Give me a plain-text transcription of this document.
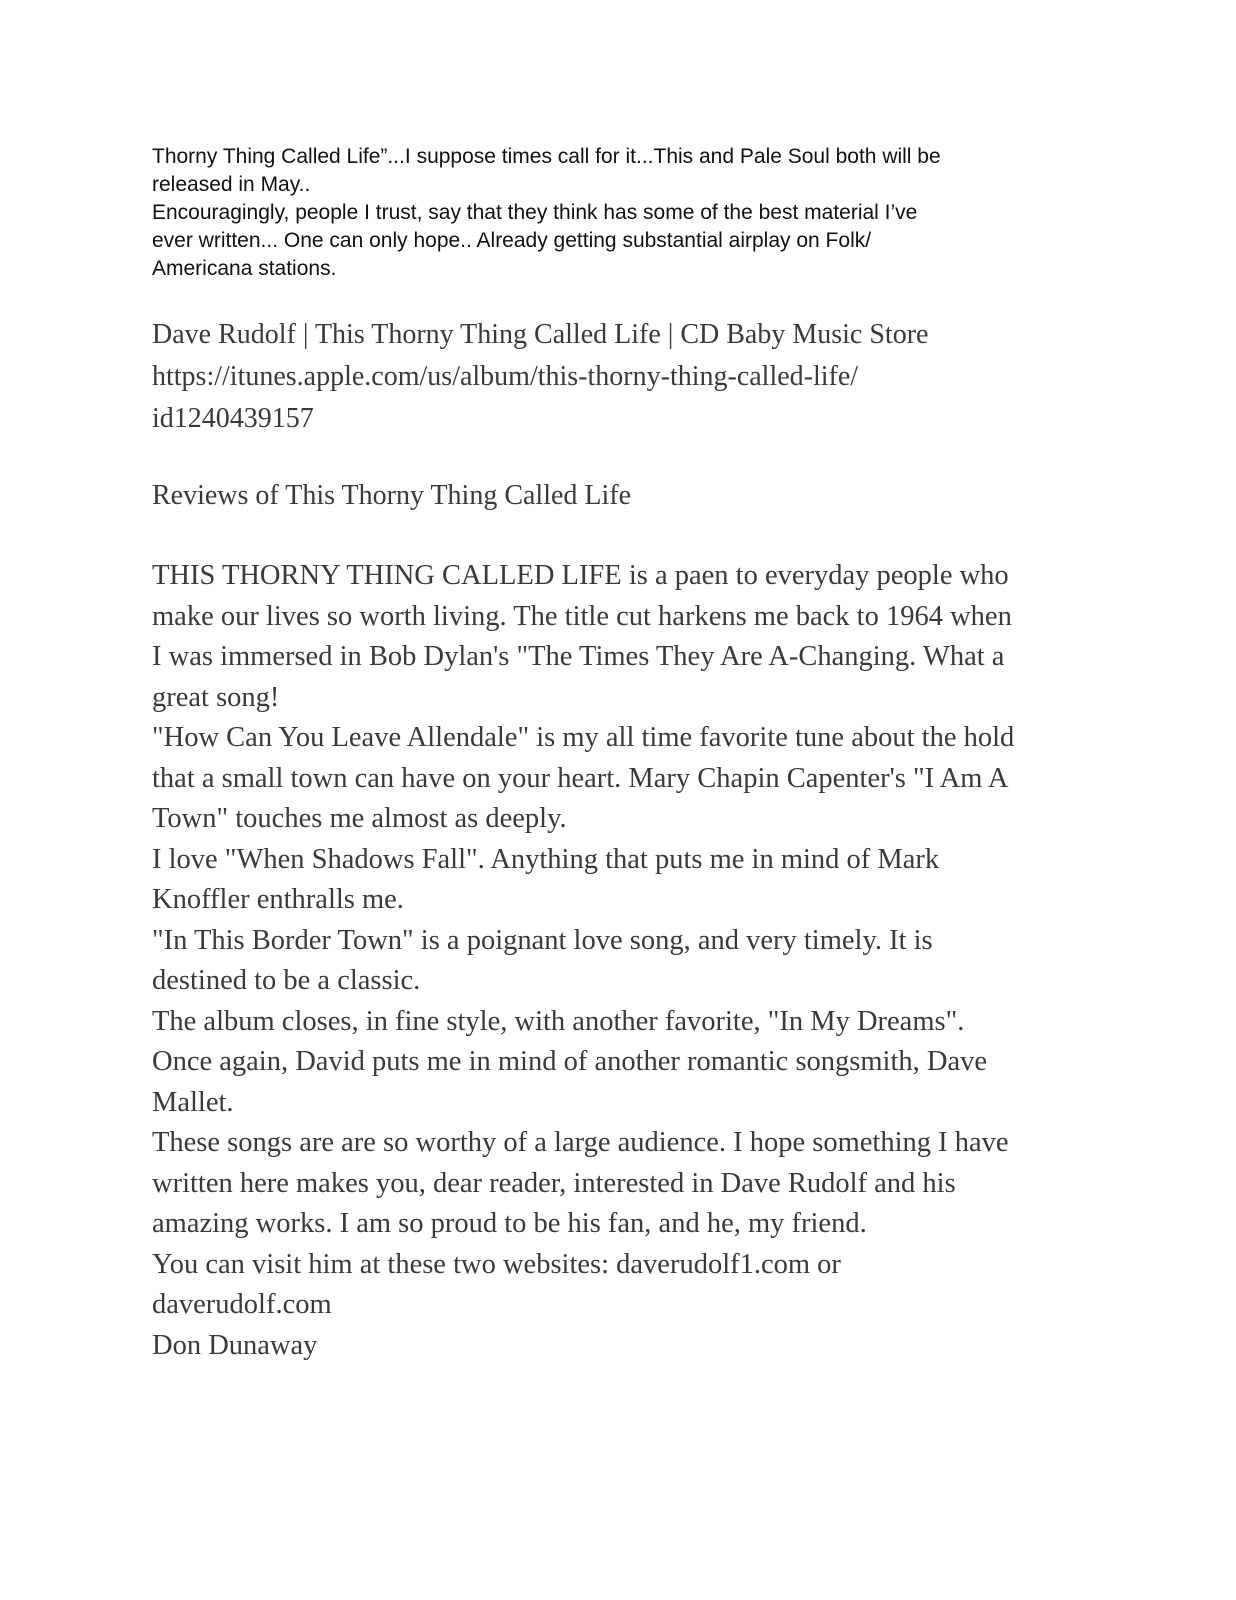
Thorny Thing Called Life”...I suppose times call for it...This and Pale Soul both will be

released in May..

Encouragingly, people I trust, say that they think has some of the best material I’ve

ever written... One can only hope.. Already getting substantial airplay on Folk/

Americana stations.

Dave Rudolf | This Thorny Thing Called Life | CD Baby Music Store
https://itunes.apple.com/us/album/this-thorny-thing-called-life/
id1240439157
Reviews of This Thorny Thing Called Life
THIS THORNY THING CALLED LIFE is a paen to everyday people who
make our lives so worth living. The title cut harkens me back to 1964 when
I was immersed in Bob Dylan's "The Times They Are A-Changing. What a
great song!
"How Can You Leave Allendale" is my all time favorite tune about the hold
that a small town can have on your heart. Mary Chapin Capenter's "I Am A
Town" touches me almost as deeply.
I love "When Shadows Fall". Anything that puts me in mind of Mark
Knoffler enthralls me.
"In This Border Town" is a poignant love song, and very timely. It is
destined to be a classic.
The album closes, in fine style, with another favorite, "In My Dreams".
Once again, David puts me in mind of another romantic songsmith, Dave
Mallet.
These songs are are so worthy of a large audience. I hope something I have
written here makes you, dear reader, interested in Dave Rudolf and his
amazing works. I am so proud to be his fan, and he, my friend.
You can visit him at these two websites: daverudolf1.com or
daverudolf.com
Don Dunaway
